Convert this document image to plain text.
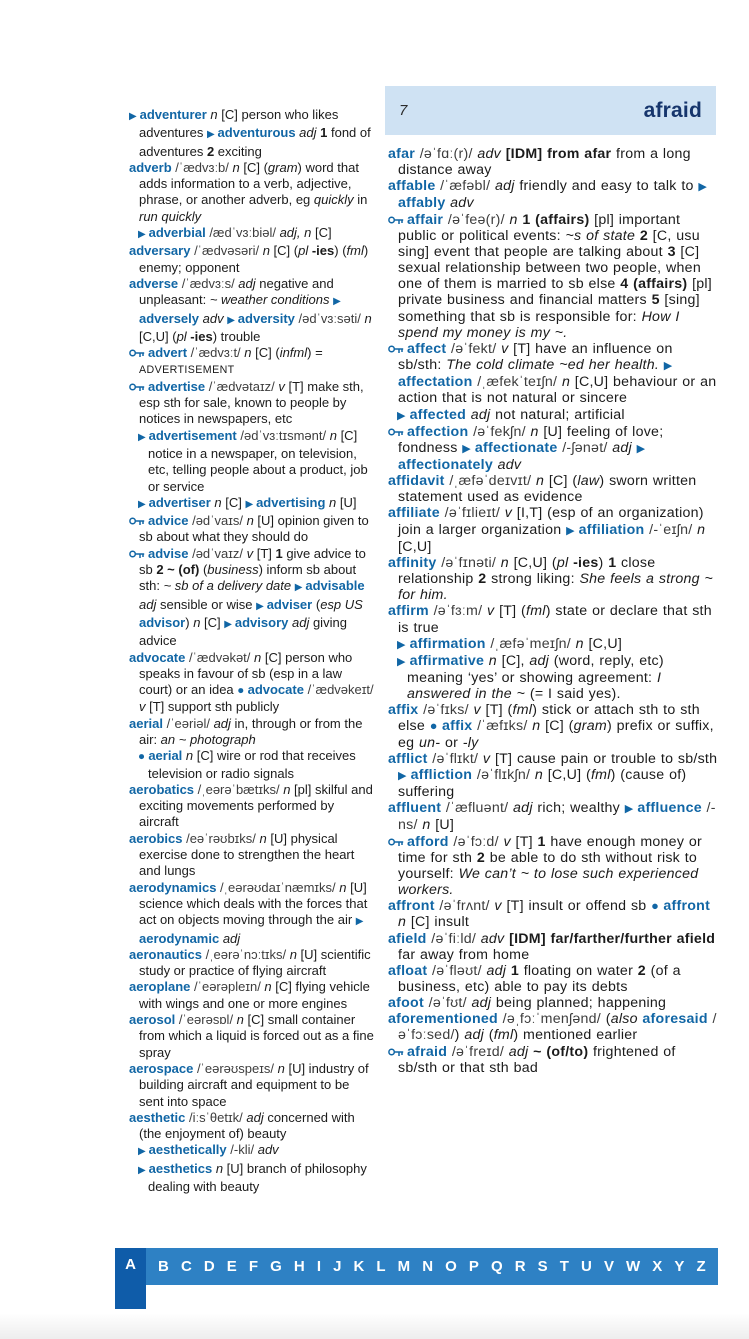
7	afraid
▶ adventurer n [C] person who likes adventures ▶ adventurous adj 1 fond of adventures 2 exciting
adverb /ˈædvɜːb/ n [C] (gram) word that adds information to a verb, adjective, phrase, or another adverb, eg quickly in run quickly
▶ adverbial /ædˈvɜːbiəl/ adj, n [C]
adversary /ˈædvəsəri/ n [C] (pl -ies) (fml) enemy; opponent
adverse /ˈædvɜːs/ adj negative and unpleasant: ~ weather conditions ▶ adversely adv ▶ adversity /ədˈvɜːsəti/ n [C,U] (pl -ies) trouble
advert /ˈædvɜːt/ n [C] (infml) = ADVERTISEMENT
advertise /ˈædvətaɪz/ v [T] make sth, esp sth for sale, known to people by notices in newspapers, etc
▶ advertisement /ədˈvɜːtɪsmənt/ n [C] notice in a newspaper, on television, etc, telling people about a product, job or service
▶ advertiser n [C] ▶ advertising n [U]
advice /ədˈvaɪs/ n [U] opinion given to sb about what they should do
advise /ədˈvaɪz/ v [T] 1 give advice to sb 2 ~ (of) (business) inform sb about sth: ~ sb of a delivery date ▶ advisable adj sensible or wise ▶ adviser (esp US advisor) n [C] ▶ advisory adj giving advice
advocate /ˈædvəkət/ n [C] person who speaks in favour of sb (esp in a law court) or an idea ● advocate /ˈædvəkeɪt/ v [T] support sth publicly
aerial /ˈeəriəl/ adj in, through or from the air: an ~ photograph
● aerial n [C] wire or rod that receives television or radio signals
aerobatics /ˌeərəˈbætɪks/ n [pl] skilful and exciting movements performed by aircraft
aerobics /eəˈrəʊbɪks/ n [U] physical exercise done to strengthen the heart and lungs
aerodynamics /ˌeərəʊdaɪˈnæmɪks/ n [U] science which deals with the forces that act on objects moving through the air ▶ aerodynamic adj
aeronautics /ˌeərəˈnɔːtɪks/ n [U] scientific study or practice of flying aircraft
aeroplane /ˈeərəpleɪn/ n [C] flying vehicle with wings and one or more engines
aerosol /ˈeərəsɒl/ n [C] small container from which a liquid is forced out as a fine spray
aerospace /ˈeərəʊspeɪs/ n [U] industry of building aircraft and equipment to be sent into space
aesthetic /iːsˈθetɪk/ adj concerned with (the enjoyment of) beauty
▶ aesthetically /-kli/ adv
▶ aesthetics n [U] branch of philosophy dealing with beauty
afar /əˈfɑː(r)/ adv [IDM] from afar from a long distance away
affable /ˈæfəbl/ adj friendly and easy to talk to ▶ affably adv
affair /əˈfeə(r)/ n 1 (affairs) [pl] important public or political events: ~s of state 2 [C, usu sing] event that people are talking about 3 [C] sexual relationship between two people, when one of them is married to sb else 4 (affairs) [pl] private business and financial matters 5 [sing] something that sb is responsible for: How I spend my money is my ~.
affect /əˈfekt/ v [T] have an influence on sb/sth: The cold climate ~ed her health. ▶ affectation /ˌæfekˈteɪʃn/ n [C,U] behaviour or an action that is not natural or sincere
▶ affected adj not natural; artificial
affection /əˈfekʃn/ n [U] feeling of love; fondness ▶ affectionate /-ʃənət/ adj ▶ affectionately adv
affidavit /ˌæfəˈdeɪvɪt/ n [C] (law) sworn written statement used as evidence
affiliate /əˈfɪlieɪt/ v [I,T] (esp of an organization) join a larger organization ▶ affiliation /-ˈeɪʃn/ n [C,U]
affinity /əˈfɪnəti/ n [C,U] (pl -ies) 1 close relationship 2 strong liking: She feels a strong ~ for him.
affirm /əˈfɜːm/ v [T] (fml) state or declare that sth is true
▶ affirmation /ˌæfəˈmeɪʃn/ n [C,U]
▶ affirmative n [C], adj (word, reply, etc) meaning ‘yes’ or showing agreement: I answered in the ~ (= I said yes).
affix /əˈfɪks/ v [T] (fml) stick or attach sth to sth else ● affix /ˈæfɪks/ n [C] (gram) prefix or suffix, eg un- or -ly
afflict /əˈflɪkt/ v [T] cause pain or trouble to sb/sth ▶ affliction /əˈflɪkʃn/ n [C,U] (fml) (cause of) suffering
affluent /ˈæfluənt/ adj rich; wealthy ▶ affluence /-ns/ n [U]
afford /əˈfɔːd/ v [T] 1 have enough money or time for sth 2 be able to do sth without risk to yourself: We can’t ~ to lose such experienced workers.
affront /əˈfrʌnt/ v [T] insult or offend sb ● affront n [C] insult
afield /əˈfiːld/ adv [IDM] far/farther/further afield far away from home
afloat /əˈfləʊt/ adj 1 floating on water 2 (of a business, etc) able to pay its debts
afoot /əˈfʊt/ adj being planned; happening
aforementioned /əˌfɔːˈmenʃənd/ (also aforesaid /əˈfɔːsed/) adj (fml) mentioned earlier
afraid /əˈfreɪd/ adj ~ (of/to) frightened of sb/sth or that sth bad
A B C D E F G H I J K L M N O P Q R S T U V W X Y Z
